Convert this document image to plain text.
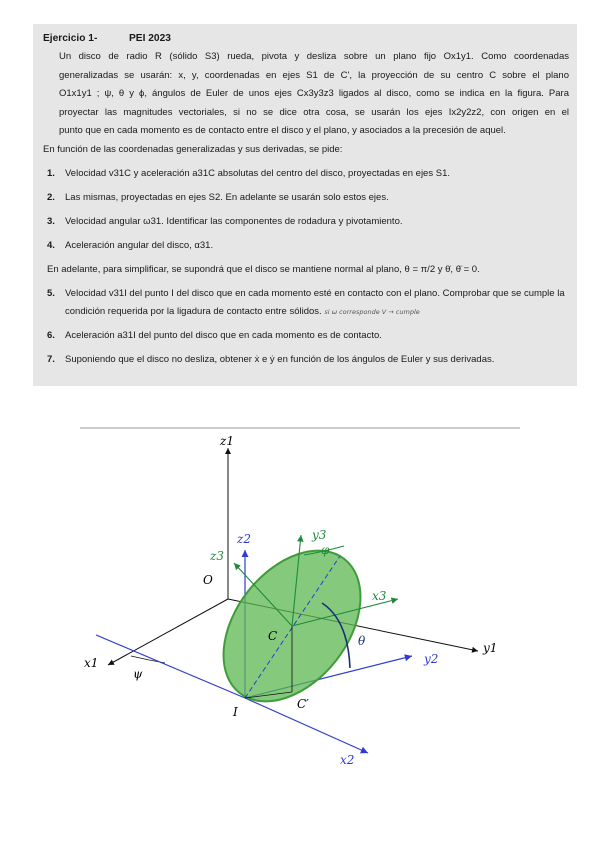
Ejercicio 1-	PEI 2023
Un disco de radio R (sólido S3) rueda, pivota y desliza sobre un plano fijo Ox1y1. Como coordenadas
generalizadas se usarán: x, y, coordenadas en ejes S1 de C', la proyección de su centro C sobre el plano
O1x1y1 ; ψ, θ y ϕ, ángulos de Euler de unos ejes Cx3y3z3 ligados al disco, como se indica en la figura. Para
proyectar las magnitudes vectoriales, si no se dice otra cosa, se usarán los ejes Ix2y2z2, con origen en el
punto que en cada momento es de contacto entre el disco y el plano, y asociados a la precesión de aquel.
En función de las coordenadas generalizadas y sus derivadas, se pide:
1.	Velocidad v31C y aceleración a31C absolutas del centro del disco, proyectadas en ejes S1.
2.	Las mismas, proyectadas en ejes S2. En adelante se usarán solo estos ejes.
3.	Velocidad angular ω31. Identificar las componentes de rodadura y pivotamiento.
4.	Aceleración angular del disco, α31.
En adelante, para simplificar, se supondrá que el disco se mantiene normal al plano, θ = π/2 y θ̇, θ̈ = 0.
5.	Velocidad v31I del punto I del disco que en cada momento esté en contacto con el plano. Comprobar que se cumple la condición requerida por la ligadura de contacto entre sólidos. si ω corresponde V → cumple
6.	Aceleración a31I del punto del disco que en cada momento es de contacto.
7.	Suponiendo que el disco no desliza, obtener ẋ e ẏ en función de los ángulos de Euler y sus derivadas.
z1
x1
y1
O
ψ
z2
y2
x2
z3
y3
x3
φ
θ
C
C′
I
